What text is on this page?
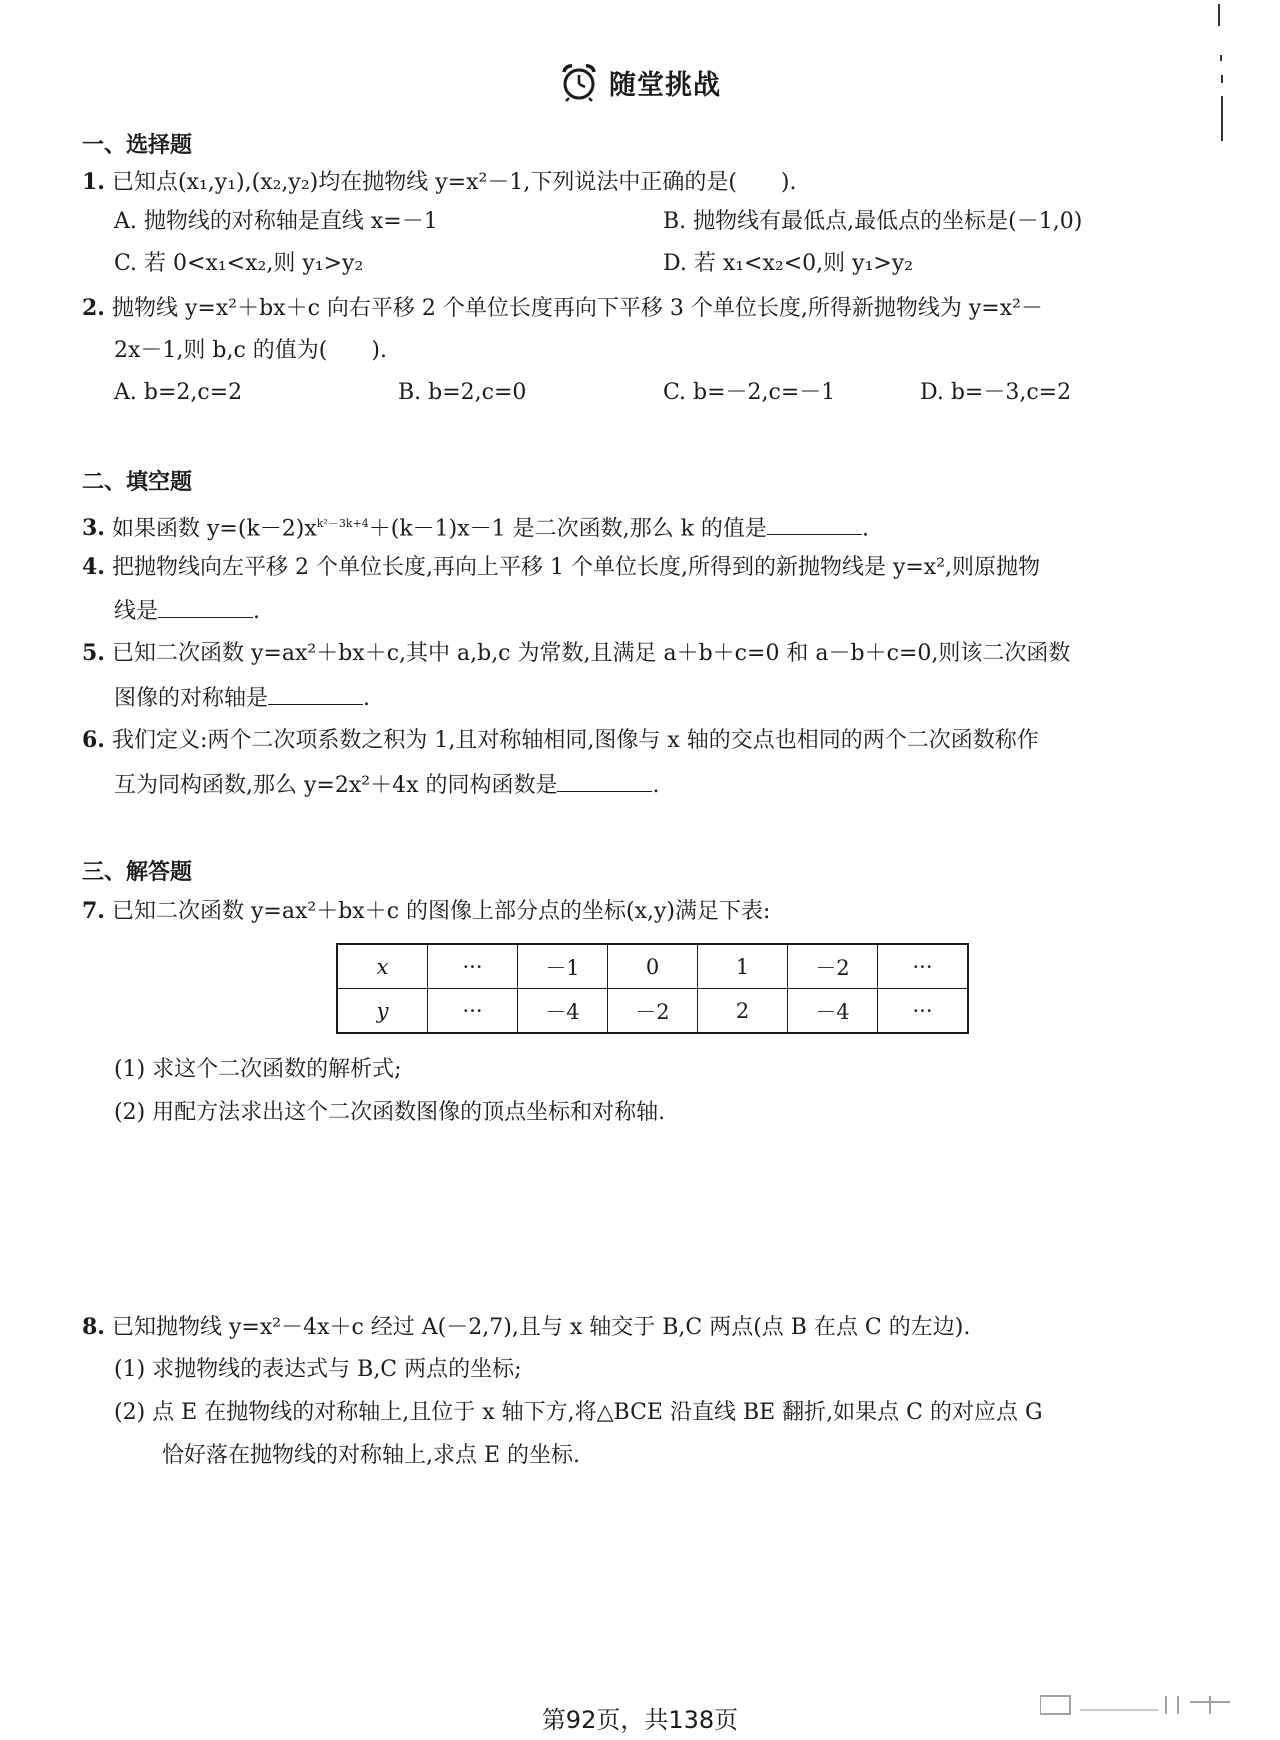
随堂挑战
一、选择题
1. 已知点(x₁,y₁),(x₂,y₂)均在抛物线 y=x²－1,下列说法中正确的是(　　).
A. 抛物线的对称轴是直线 x=－1	B. 抛物线有最低点,最低点的坐标是(－1,0)
C. 若 0<x₁<x₂,则 y₁>y₂	D. 若 x₁<x₂<0,则 y₁>y₂
2. 抛物线 y=x²＋bx＋c 向右平移 2 个单位长度再向下平移 3 个单位长度,所得新抛物线为 y=x²－
2x－1,则 b,c 的值为(　　).
A. b=2,c=2	B. b=2,c=0	C. b=－2,c=－1	D. b=－3,c=2
二、填空题
3. 如果函数 $y=(k-2)x^{k^2-3k+4}+(k-1)x-1$ 是二次函数,那么 k 的值是	.
4. 把抛物线向左平移 2 个单位长度,再向上平移 1 个单位长度,所得到的新抛物线是 y=x²,则原抛物
线是	.
5. 已知二次函数 y=ax²＋bx＋c,其中 a,b,c 为常数,且满足 a＋b＋c=0 和 a－b＋c=0,则该二次函数
图像的对称轴是	.
6. 我们定义:两个二次项系数之积为 1,且对称轴相同,图像与 x 轴的交点也相同的两个二次函数称作
互为同构函数,那么 y=2x²＋4x 的同构函数是	.
三、解答题
7. 已知二次函数 y=ax²＋bx＋c 的图像上部分点的坐标(x,y)满足下表:
x	···	－1	0	1	－2	···
y	···	－4	－2	2	－4	···
(1) 求这个二次函数的解析式;
(2) 用配方法求出这个二次函数图像的顶点坐标和对称轴.
8. 已知抛物线 y=x²－4x＋c 经过 A(－2,7),且与 x 轴交于 B,C 两点(点 B 在点 C 的左边).
(1) 求抛物线的表达式与 B,C 两点的坐标;
(2) 点 E 在抛物线的对称轴上,且位于 x 轴下方,将△BCE 沿直线 BE 翻折,如果点 C 的对应点 G
恰好落在抛物线的对称轴上,求点 E 的坐标.
第92页，共138页
